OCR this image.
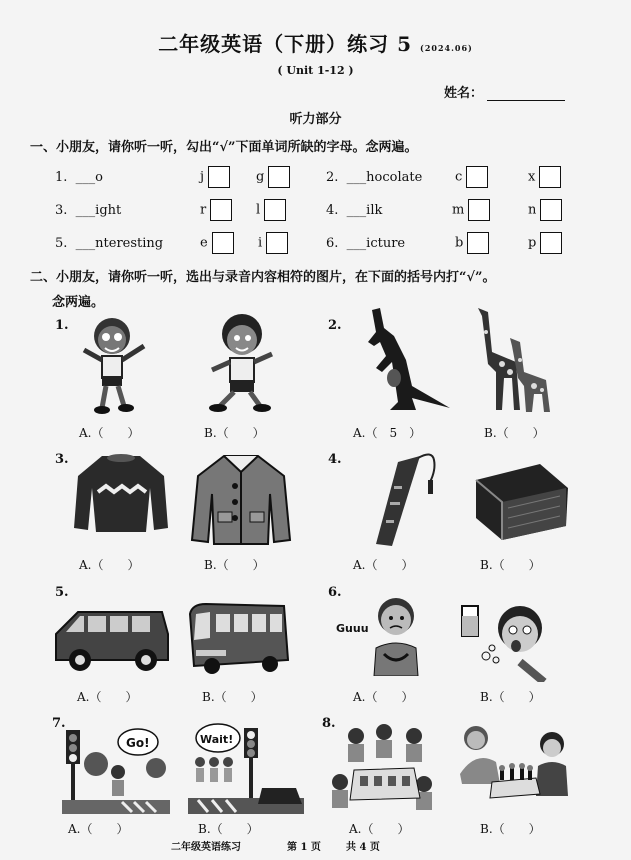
二年级英语（下册）练习 5 (2024.06)
( Unit 1-12 )
姓名：
听力部分
一、小朋友，请你听一听，勾出“√”下面单词所缺的字母。念两遍。
1. ___o	j	g	2. ___hocolate	c	x
3. ___ight	r	l	4. ___ilk	m	n
5. ___nteresting	e	i	6. ___icture	b	p
二、小朋友，请你听一听，选出与录音内容相符的图片，在下面的括号内打“√”。
念两遍。
1.
A.（　　）	B.（　　）
2.
A.（　5　）	B.（　　）
3.
A.（　　）	B.（　　）
4.
A.（　　）	B.（　　）
5.
A.（　　）	B.（　　）
6.
Guuu
A.（　　）	B.（　　）
7.
Go!	Wait!
A.（　　）	B.（　　）
8.
A.（　　）	B.（　　）
二年级英语练习	第 1 页	共 4 页
